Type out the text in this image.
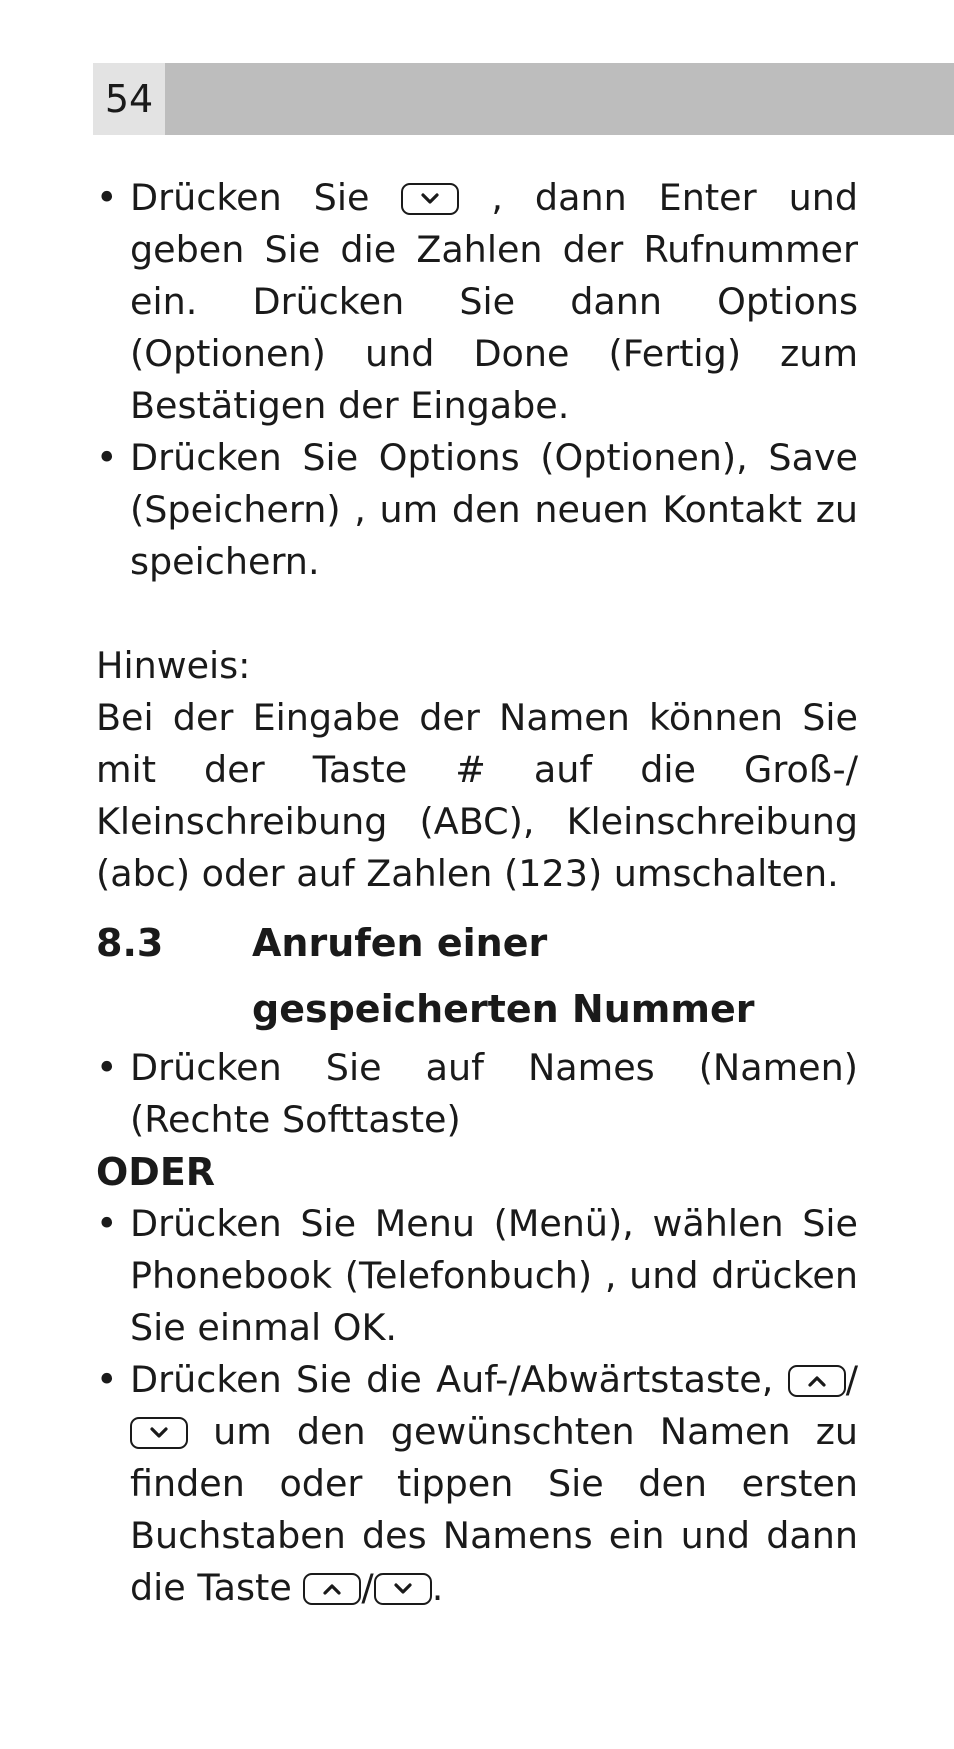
54
• Drücken Sie	, dann Enter und geben Sie die Zahlen der Rufnummer ein. Drücken Sie dann Options (Optionen) und Done (Fertig) zum Bestätigen der Eingabe.
• Drücken Sie Options (Optionen), Save (Speichern) , um den neuen Kontakt zu speichern.
Hinweis:
Bei der Eingabe der Namen können Sie mit der Taste # auf die Groß-/ Kleinschreibung (ABC), Kleinschreibung (abc) oder auf Zahlen (123) umschalten.
8.3 Anrufen einer
gespeicherten Nummer
• Drücken Sie auf Names (Namen) (Rechte Softtaste)
ODER
• Drücken Sie Menu (Menü), wählen Sie Phonebook (Telefonbuch) , und drücken Sie einmal OK.
• Drücken Sie die Auf-/Abwärtstaste, /
um den gewünschten Namen zu finden oder tippen Sie den ersten Buchstaben des Namens ein und dann die Taste / .
